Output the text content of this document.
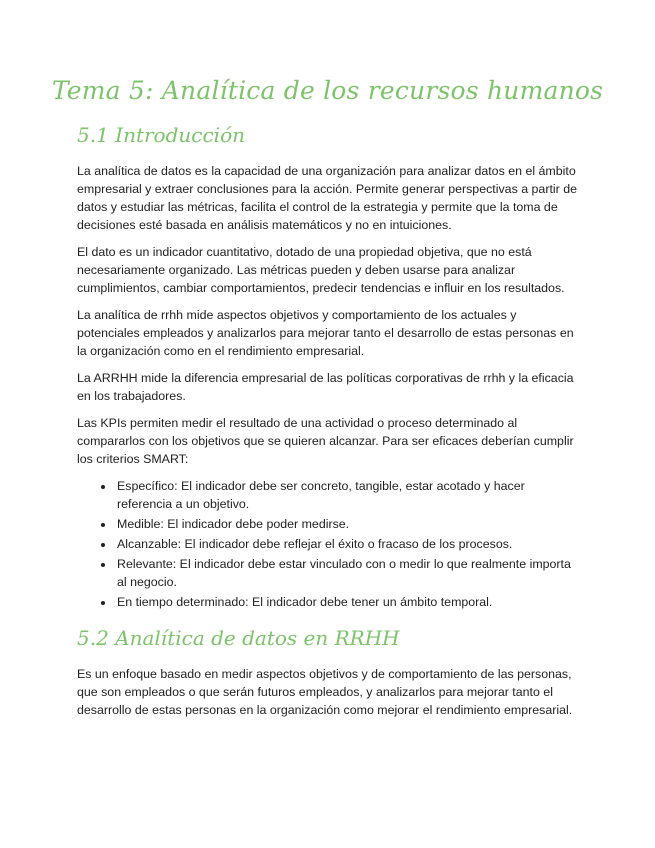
Tema 5: Analítica de los recursos humanos
5.1 Introducción

La analítica de datos es la capacidad de una organización para analizar datos en el ámbito empresarial y extraer conclusiones para la acción. Permite generar perspectivas a partir de datos y estudiar las métricas, facilita el control de la estrategia y permite que la toma de decisiones esté basada en análisis matemáticos y no en intuiciones.

El dato es un indicador cuantitativo, dotado de una propiedad objetiva, que no está necesariamente organizado. Las métricas pueden y deben usarse para analizar cumplimientos, cambiar comportamientos, predecir tendencias e influir en los resultados.

La analítica de rrhh mide aspectos objetivos y comportamiento de los actuales y potenciales empleados y analizarlos para mejorar tanto el desarrollo de estas personas en la organización como en el rendimiento empresarial.

La ARRHH mide la diferencia empresarial de las políticas corporativas de rrhh y la eficacia en los trabajadores.

Las KPIs permiten medir el resultado de una actividad o proceso determinado al compararlos con los objetivos que se quieren alcanzar. Para ser eficaces deberían cumplir los criterios SMART:

• Específico: El indicador debe ser concreto, tangible, estar acotado y hacer referencia a un objetivo.
• Medible: El indicador debe poder medirse.
• Alcanzable: El indicador debe reflejar el éxito o fracaso de los procesos.
• Relevante: El indicador debe estar vinculado con o medir lo que realmente importa al negocio.
• En tiempo determinado: El indicador debe tener un ámbito temporal.
5.2 Analítica de datos en RRHH

Es un enfoque basado en medir aspectos objetivos y de comportamiento de las personas, que son empleados o que serán futuros empleados, y analizarlos para mejorar tanto el desarrollo de estas personas en la organización como mejorar el rendimiento empresarial.
